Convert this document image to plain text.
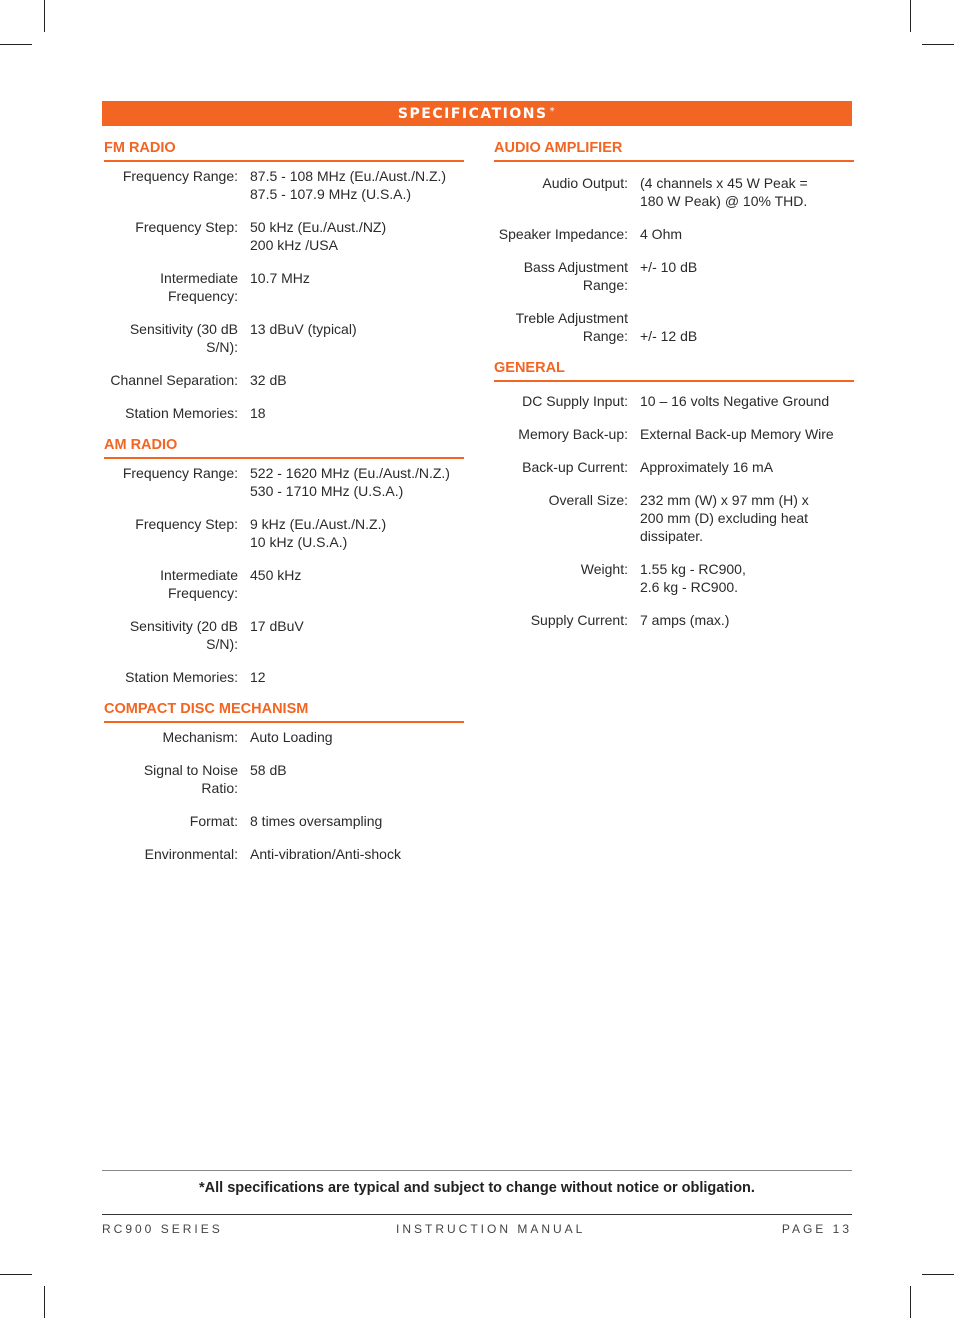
SPECIFICATIONS *
FM RADIO
Frequency Range: 87.5 - 108 MHz (Eu./Aust./N.Z.)
87.5 - 107.9 MHz (U.S.A.)
Frequency Step: 50 kHz (Eu./Aust./NZ)
200 kHz /USA
Intermediate Frequency:
10.7 MHz
Sensitivity (30 dB S/N):
13 dBuV (typical)
Channel Separation: 32 dB
Station Memories: 18
AM RADIO
Frequency Range: 522 - 1620 MHz (Eu./Aust./N.Z.)
530 - 1710 MHz (U.S.A.)
Frequency Step: 9 kHz (Eu./Aust./N.Z.)
10 kHz (U.S.A.)
Intermediate Frequency:
450 kHz
Sensitivity (20 dB S/N):
17 dBuV
Station Memories: 12
COMPACT DISC MECHANISM
Mechanism: Auto Loading
Signal to Noise Ratio:
58 dB
Format: 8 times oversampling
Environmental: Anti-vibration/Anti-shock
AUDIO AMPLIFIER
Audio Output: (4 channels x 45 W Peak =
180 W Peak) @ 10% THD.
Speaker Impedance: 4 Ohm
Bass Adjustment Range:
+/- 10 dB
Treble Adjustment
Range: +/- 12 dB
GENERAL
DC Supply Input: 10 – 16 volts Negative Ground
Memory Back-up: External Back-up Memory Wire
Back-up Current: Approximately 16 mA
Overall Size: 232 mm (W) x 97 mm (H) x
200 mm (D) excluding heat
dissipater.
Weight: 1.55 kg - RC900,
2.6 kg - RC900.
Supply Current: 7 amps (max.)
*All specifications are typical and subject to change without notice or obligation.
RC900 SERIES	INSTRUCTION MANUAL	PAGE 13
